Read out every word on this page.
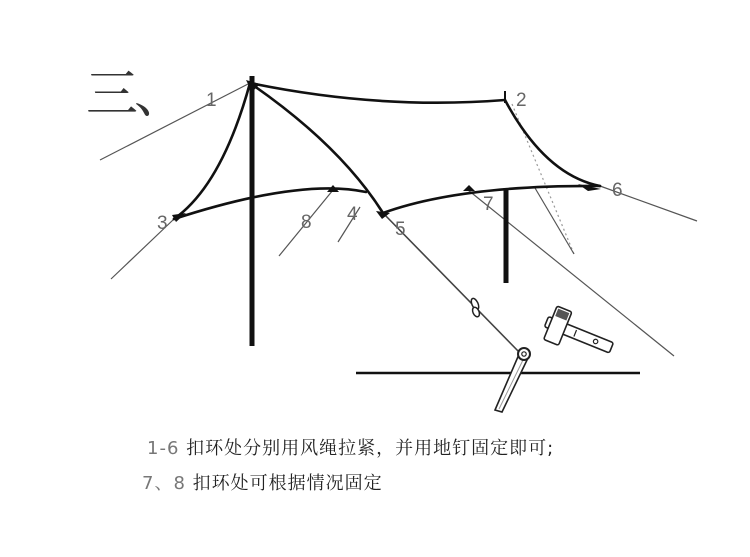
1	2
3	4
5
6
7
8
三、
1-6 扣环处分别用风绳拉紧，并用地钉固定即可;
7、8 扣环处可根据情况固定
